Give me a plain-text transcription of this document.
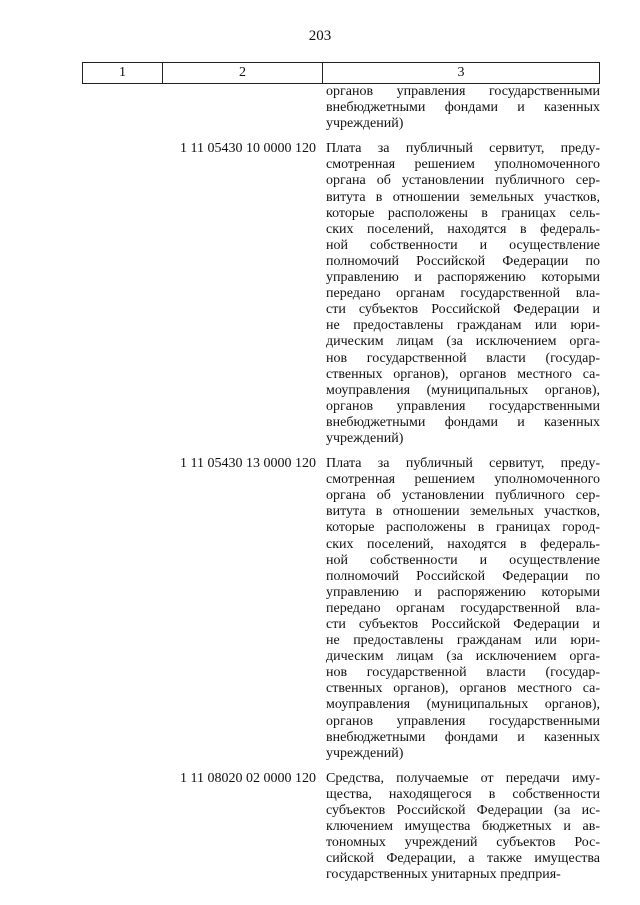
203
1	2	3
органов управления государственными
внебюджетными фондами и казенных
учреждений)
1 11 05430 10 0000 120 Плата за публичный сервитут, преду-
смотренная решением уполномоченного
органа об установлении публичного сер-
витута в отношении земельных участков,
которые расположены в границах сель-
ских поселений, находятся в федераль-
ной собственности и осуществление
полномочий Российской Федерации по
управлению и распоряжению которыми
передано органам государственной вла-
сти субъектов Российской Федерации и
не предоставлены гражданам или юри-
дическим лицам (за исключением орга-
нов государственной власти (государ-
ственных органов), органов местного са-
моуправления (муниципальных органов),
органов управления государственными
внебюджетными фондами и казенных
учреждений)
1 11 05430 13 0000 120 Плата за публичный сервитут, преду-
смотренная решением уполномоченного
органа об установлении публичного сер-
витута в отношении земельных участков,
которые расположены в границах город-
ских поселений, находятся в федераль-
ной собственности и осуществление
полномочий Российской Федерации по
управлению и распоряжению которыми
передано органам государственной вла-
сти субъектов Российской Федерации и
не предоставлены гражданам или юри-
дическим лицам (за исключением орга-
нов государственной власти (государ-
ственных органов), органов местного са-
моуправления (муниципальных органов),
органов управления государственными
внебюджетными фондами и казенных
учреждений)
1 11 08020 02 0000 120 Средства, получаемые от передачи иму-
щества, находящегося в собственности
субъектов Российской Федерации (за ис-
ключением имущества бюджетных и ав-
тономных учреждений субъектов Рос-
сийской Федерации, а также имущества
государственных унитарных предприя-
